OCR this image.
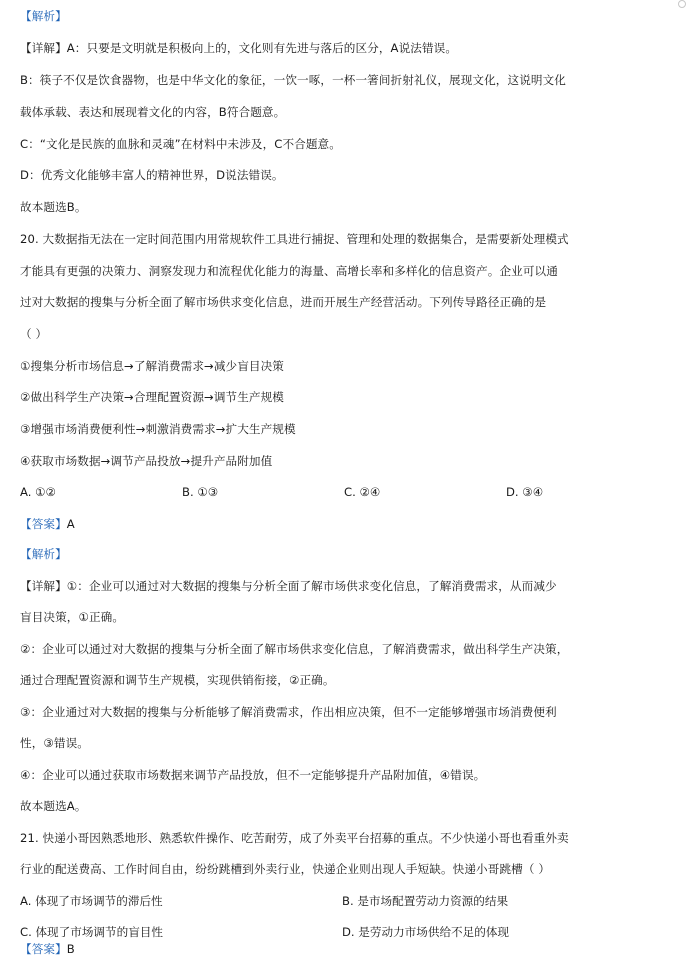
【解析】
【详解】A：只要是文明就是积极向上的，文化则有先进与落后的区分，A说法错误。
B：筷子不仅是饮食器物，也是中华文化的象征，一饮一啄，一杯一箸间折射礼仪，展现文化，这说明文化
载体承载、表达和展现着文化的内容，B符合题意。
C：“文化是民族的血脉和灵魂”在材料中未涉及，C不合题意。
D：优秀文化能够丰富人的精神世界，D说法错误。
故本题选B。
20. 大数据指无法在一定时间范围内用常规软件工具进行捕捉、管理和处理的数据集合，是需要新处理模式
才能具有更强的决策力、洞察发现力和流程优化能力的海量、高增长率和多样化的信息资产。企业可以通
过对大数据的搜集与分析全面了解市场供求变化信息，进而开展生产经营活动。下列传导路径正确的是
（ ）
①搜集分析市场信息→了解消费需求→减少盲目决策
②做出科学生产决策→合理配置资源→调节生产规模
③增强市场消费便利性→刺激消费需求→扩大生产规模
④获取市场数据→调节产品投放→提升产品附加值
A. ①②	B. ①③	C. ②④	D. ③④
【答案】A
【解析】
【详解】①：企业可以通过对大数据的搜集与分析全面了解市场供求变化信息，了解消费需求，从而减少
盲目决策，①正确。
②：企业可以通过对大数据的搜集与分析全面了解市场供求变化信息，了解消费需求，做出科学生产决策，
通过合理配置资源和调节生产规模，实现供销衔接，②正确。
③：企业通过对大数据的搜集与分析能够了解消费需求，作出相应决策，但不一定能够增强市场消费便利
性，③错误。
④：企业可以通过获取市场数据来调节产品投放，但不一定能够提升产品附加值，④错误。
故本题选A。
21. 快递小哥因熟悉地形、熟悉软件操作、吃苦耐劳，成了外卖平台招募的重点。不少快递小哥也看重外卖
行业的配送费高、工作时间自由，纷纷跳槽到外卖行业，快递企业则出现人手短缺。快递小哥跳槽（ ）
A. 体现了市场调节的滞后性	B. 是市场配置劳动力资源的结果
C. 体现了市场调节的盲目性	D. 是劳动力市场供给不足的体现
【答案】B
